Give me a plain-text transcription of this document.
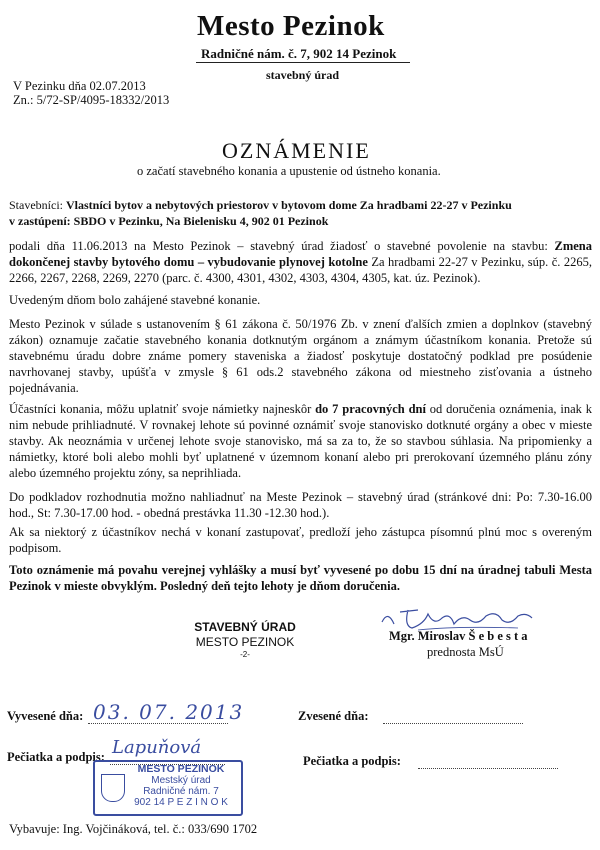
Mesto Pezinok
Radničné nám. č. 7, 902 14 Pezinok
stavebný úrad
V Pezinku dňa 02.07.2013
Zn.: 5/72-SP/4095-18332/2013
OZNÁMENIE
o začatí stavebného konania a upustenie od ústneho konania.
Stavebníci: Vlastníci bytov a nebytových priestorov v bytovom dome Za hradbami 22-27 v Pezinku
v zastúpení: SBDO v Pezinku, Na Bielenisku 4, 902 01 Pezinok

podali dňa 11.06.2013 na Mesto Pezinok – stavebný úrad žiadosť o stavebné povolenie na stavbu: Zmena dokončenej stavby bytového domu – vybudovanie plynovej kotolne Za hradbami 22-27 v Pezinku, súp. č. 2265, 2266, 2267, 2268, 2269, 2270 (parc. č. 4300, 4301, 4302, 4303, 4304, 4305, kat. úz. Pezinok).

Uvedeným dňom bolo zahájené stavebné konanie.

Mesto Pezinok v súlade s ustanovením § 61 zákona č. 50/1976 Zb. v znení ďalších zmien a doplnkov (stavebný zákon) oznamuje začatie stavebného konania dotknutým orgánom a známym účastníkom konania. Pretože sú stavebnému úradu dobre známe pomery staveniska a žiadosť poskytuje dostatočný podklad pre posúdenie navrhovanej stavby, upúšťa v zmysle § 61 ods.2 stavebného zákona od miestneho zisťovania a ústneho pojednávania.

Účastníci konania, môžu uplatniť svoje námietky najneskôr do 7 pracovných dní od doručenia oznámenia, inak k nim nebude prihliadnuté. V rovnakej lehote sú povinné oznámiť svoje stanovisko dotknuté orgány a obec v mieste stavby. Ak neoznámia v určenej lehote svoje stanovisko, má sa za to, že so stavbou súhlasia. Na pripomienky a námietky, ktoré boli alebo mohli byť uplatnené v územnom konaní alebo pri prerokovaní územného plánu zóny alebo územného projektu zóny, sa neprihliada.

Do podkladov rozhodnutia možno nahliadnuť na Meste Pezinok – stavebný úrad (stránkové dni: Po: 7.30-16.00 hod., St: 7.30-17.00 hod. - obedná prestávka 11.30 -12.30 hod.).

Ak sa niektorý z účastníkov nechá v konaní zastupovať, predloží jeho zástupca písomnú plnú moc s overeným podpisom.

Toto oznámenie má povahu verejnej vyhlášky a musí byť vyvesené po dobu 15 dní na úradnej tabuli Mesta Pezinok v mieste obvyklým. Posledný deň tejto lehoty je dňom doručenia.

STAVEBNÝ ÚRAD
MESTO PEZINOK
-2-
Mgr. Miroslav Š e b e s t a
prednosta MsÚ
Vyvesené dňa: 03. 07. 2013	Zvesené dňa:
Pečiatka a podpis: Lapuňová
Pečiatka a podpis:
MESTO PEZINOK
Mestský úrad
Radničné nám. 7
902 14 P E Z I N O K
Vybavuje: Ing. Vojčináková, tel. č.: 033/690 1702
